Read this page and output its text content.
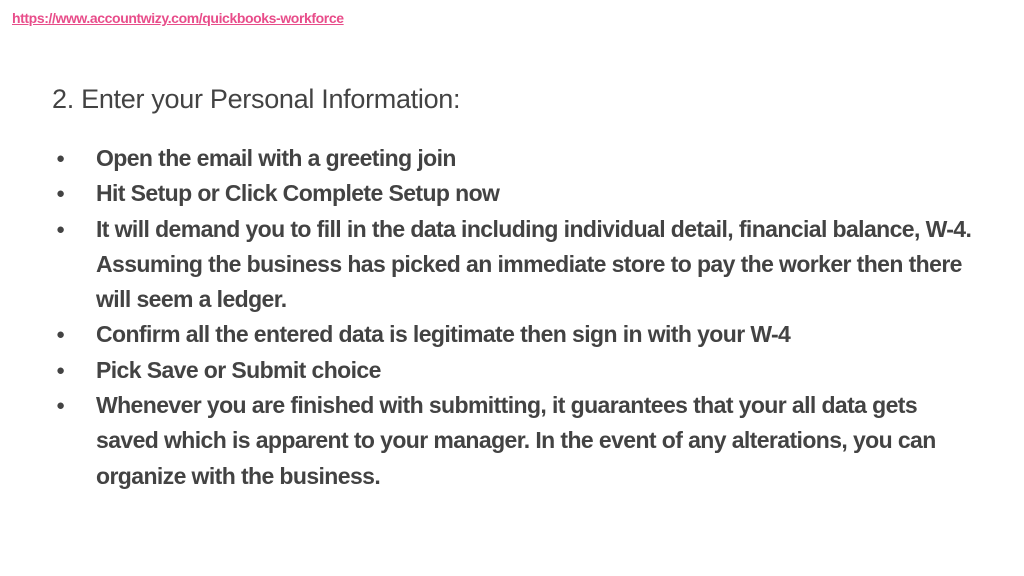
https://www.accountwizy.com/quickbooks-workforce
2. Enter your Personal Information:
● Open the email with a greeting join
● Hit Setup or Click Complete Setup now
● It will demand you to fill in the data including individual detail, financial balance, W-4. Assuming the business has picked an immediate store to pay the worker then there will seem a ledger.
● Confirm all the entered data is legitimate then sign in with your W-4
● Pick Save or Submit choice
● Whenever you are finished with submitting, it guarantees that your all data gets saved which is apparent to your manager. In the event of any alterations, you can organize with the business.
